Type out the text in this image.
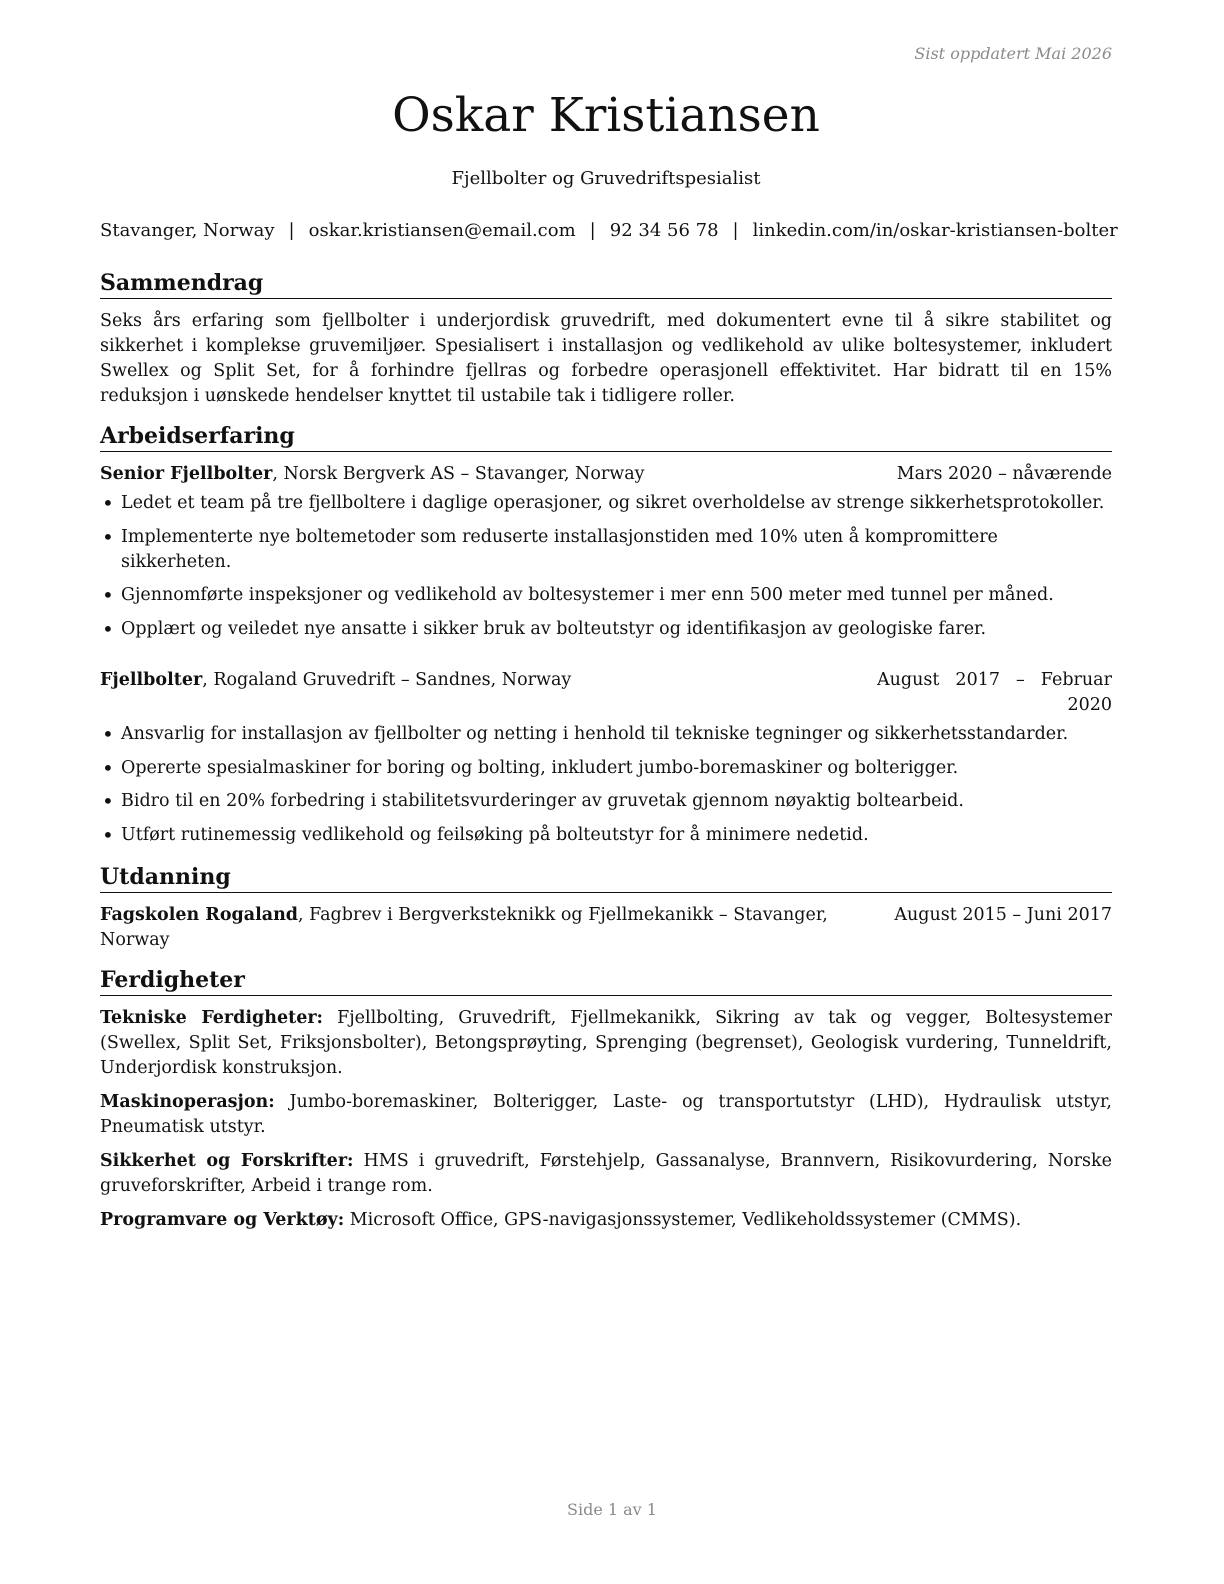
Sist oppdatert Mai 2026
Oskar Kristiansen
Fjellbolter og Gruvedriftspesialist
Stavanger, Norway | oskar.kristiansen@email.com | 92 34 56 78 | linkedin.com/in/oskar-kristiansen-bolter
Sammendrag

Seks års erfaring som fjellbolter i underjordisk gruvedrift, med dokumentert evne til å sikre stabilitet og sikkerhet i komplekse gruvemiljøer. Spesialisert i installasjon og vedlikehold av ulike boltesystemer, inkludert Swellex og Split Set, for å forhindre fjellras og forbedre operasjonell effektivitet. Har bidratt til en 15% reduksjon i uønskede hendelser knyttet til ustabile tak i tidligere roller.

Arbeidserfaring
Senior Fjellbolter, Norsk Bergverk AS – Stavanger, Norway	Mars 2020 – nåværende
• Ledet et team på tre fjellboltere i daglige operasjoner, og sikret overholdelse av strenge sikkerhetsprotokoller.
• Implementerte nye boltemetoder som reduserte installasjonstiden med 10% uten å kompromittere sikkerheten.
• Gjennomførte inspeksjoner og vedlikehold av boltesystemer i mer enn 500 meter med tunnel per måned.
• Opplært og veiledet nye ansatte i sikker bruk av bolteutstyr og identifikasjon av geologiske farer.
Fjellbolter, Rogaland Gruvedrift – Sandnes, Norway	August 2017 – Februar 2020
• Ansvarlig for installasjon av fjellbolter og netting i henhold til tekniske tegninger og sikkerhetsstandarder.
• Opererte spesialmaskiner for boring og bolting, inkludert jumbo-boremaskiner og bolterigger.
• Bidro til en 20% forbedring i stabilitetsvurderinger av gruvetak gjennom nøyaktig boltearbeid.
• Utført rutinemessig vedlikehold og feilsøking på bolteutstyr for å minimere nedetid.
Utdanning
Fagskolen Rogaland, Fagbrev i Bergverksteknikk og Fjellmekanikk – Stavanger, Norway
August 2015 – Juni 2017
Ferdigheter
Tekniske Ferdigheter: Fjellbolting, Gruvedrift, Fjellmekanikk, Sikring av tak og vegger, Boltesystemer (Swellex, Split Set, Friksjonsbolter), Betongsprøyting, Sprenging (begrenset), Geologisk vurdering, Tunneldrift, Underjordisk konstruksjon.
Maskinoperasjon: Jumbo-boremaskiner, Bolterigger, Laste- og transportutstyr (LHD), Hydraulisk utstyr, Pneumatisk utstyr.
Sikkerhet og Forskrifter: HMS i gruvedrift, Førstehjelp, Gassanalyse, Brannvern, Risikovurdering, Norske gruveforskrifter, Arbeid i trange rom.
Programvare og Verktøy: Microsoft Office, GPS-navigasjonssystemer, Vedlikeholdssystemer (CMMS).
Side 1 av 1
